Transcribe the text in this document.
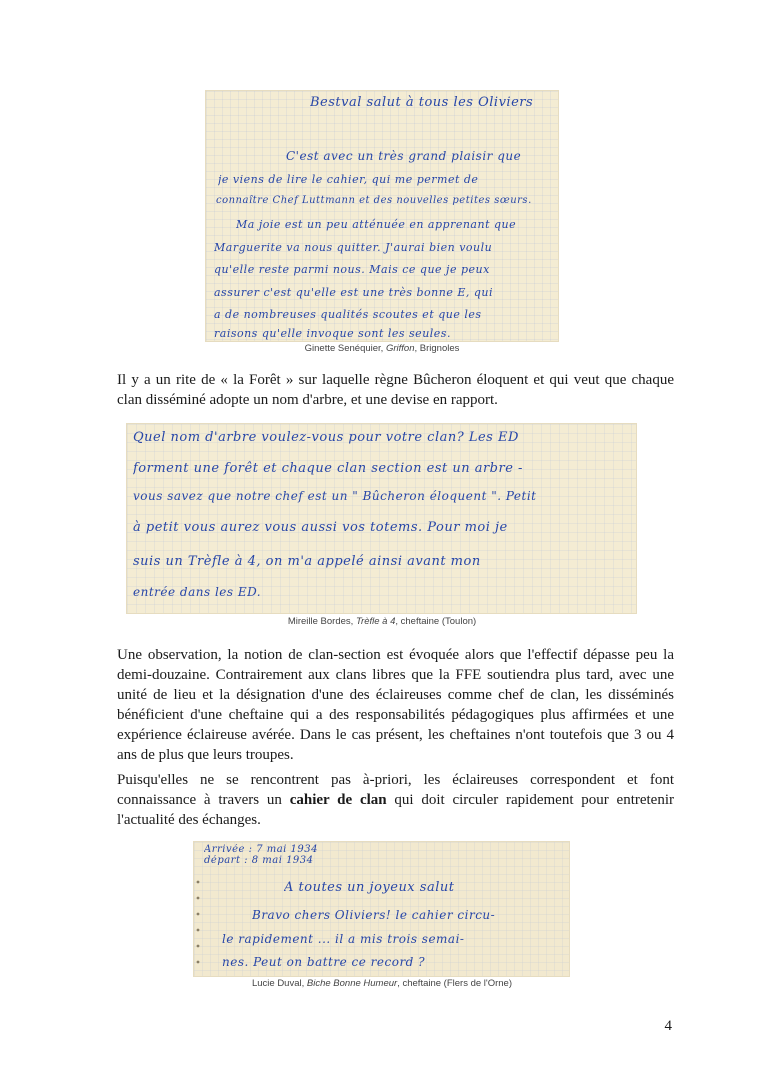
Bestval salut à tous les Oliviers
C'est avec un très grand plaisir que
je viens de lire le cahier, qui me permet de
connaître Chef Luttmann et des nouvelles petites sœurs.
Ma joie est un peu atténuée en apprenant que
Marguerite va nous quitter. J'aurai bien voulu
qu'elle reste parmi nous. Mais ce que je peux
assurer c'est qu'elle est une très bonne E, qui
a de nombreuses qualités scoutes et que les
raisons qu'elle invoque sont les seules.
Ginette Senéquier, Griffon, Brignoles

Il y a un rite de « la Forêt » sur laquelle règne Bûcheron éloquent et qui veut que chaque clan disséminé adopte un nom d'arbre, et une devise en rapport.

Quel nom d'arbre voulez-vous pour votre clan? Les ED
forment une forêt et chaque clan section est un arbre -
vous savez que notre chef est un " Bûcheron éloquent ". Petit
à petit vous aurez vous aussi vos totems. Pour moi je
suis un Trèfle à 4, on m'a appelé ainsi avant mon
entrée dans les ED.
Mireille Bordes, Trèfle à 4, cheftaine (Toulon)

Une observation, la notion de clan-section est évoquée alors que l'effectif dépasse peu la demi-douzaine. Contrairement aux clans libres que la FFE soutiendra plus tard, avec une unité de lieu et la désignation d'une des éclaireuses comme chef de clan, les disséminés bénéficient d'une cheftaine qui a des responsabilités pédagogiques plus affirmées et une expérience éclaireuse avérée. Dans le cas présent, les cheftaines n'ont toutefois que 3 ou 4 ans de plus que leurs troupes.

Puisqu'elles ne se rencontrent pas à-priori, les éclaireuses correspondent et font connaissance à travers un cahier de clan qui doit circuler rapidement pour entretenir l'actualité des échanges.

Arrivée : 7 mai 1934
départ : 8 mai 1934
A toutes un joyeux salut
Bravo chers Oliviers! le cahier circu-
le rapidement ... il a mis trois semai-
nes. Peut on battre ce record ?
Lucie Duval, Biche Bonne Humeur, cheftaine (Flers de l'Orne)
4
